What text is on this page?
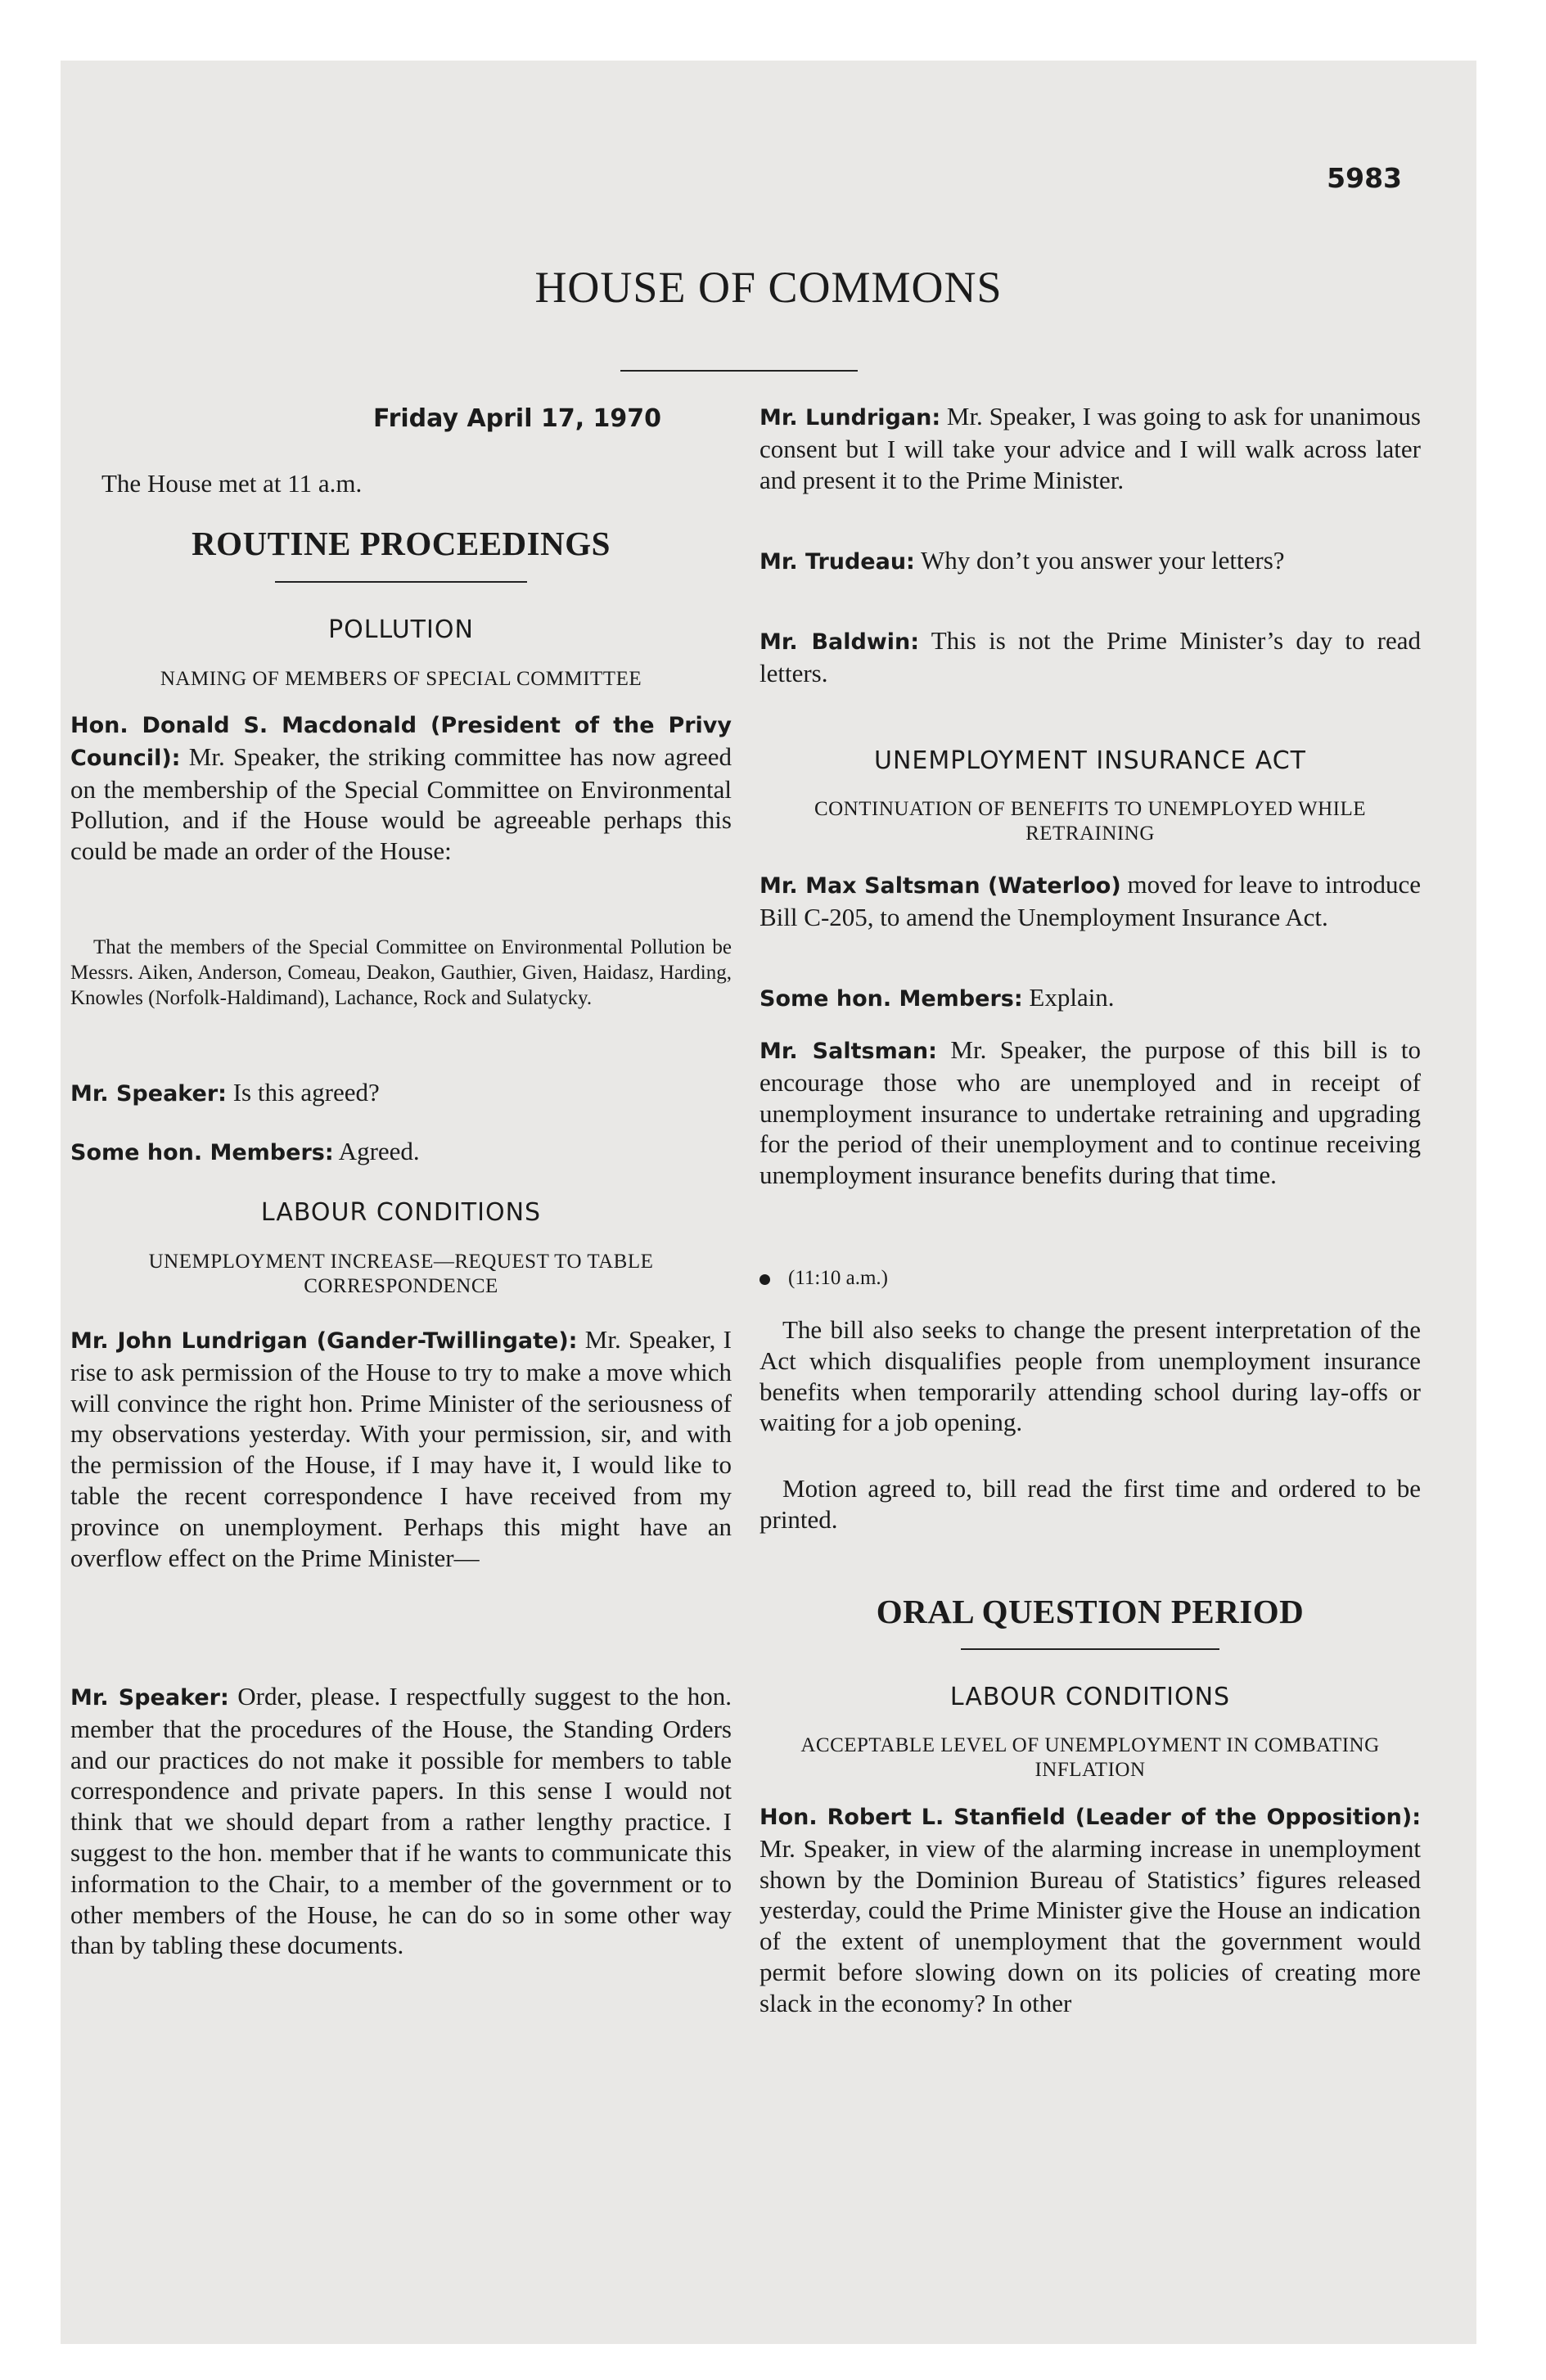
5983
HOUSE OF COMMONS
Friday April 17, 1970
The House met at 11 a.m.
ROUTINE PROCEEDINGS
POLLUTION
NAMING OF MEMBERS OF SPECIAL COMMITTEE

Hon. Donald S. Macdonald (President of the Privy Council): Mr. Speaker, the striking committee has now agreed on the membership of the Special Committee on Environmental Pollution, and if the House would be agreeable perhaps this could be made an order of the House:

That the members of the Special Committee on Environmental Pollution be Messrs. Aiken, Anderson, Comeau, Deakon, Gauthier, Given, Haidasz, Harding, Knowles (Norfolk-Haldimand), Lachance, Rock and Sulatycky.

Mr. Speaker: Is this agreed?

Some hon. Members: Agreed.

LABOUR CONDITIONS
UNEMPLOYMENT INCREASE—REQUEST TO TABLE CORRESPONDENCE

Mr. John Lundrigan (Gander-Twillingate): Mr. Speaker, I rise to ask permission of the House to try to make a move which will convince the right hon. Prime Minister of the seriousness of my observations yesterday. With your permission, sir, and with the permission of the House, if I may have it, I would like to table the recent correspondence I have received from my province on unemployment. Perhaps this might have an overflow effect on the Prime Minister—

Mr. Speaker: Order, please. I respectfully suggest to the hon. member that the procedures of the House, the Standing Orders and our practices do not make it possible for members to table correspondence and private papers. In this sense I would not think that we should depart from a rather lengthy practice. I suggest to the hon. member that if he wants to communicate this information to the Chair, to a member of the government or to other members of the House, he can do so in some other way than by tabling these documents.

Mr. Lundrigan: Mr. Speaker, I was going to ask for unanimous consent but I will take your advice and I will walk across later and present it to the Prime Minister.

Mr. Trudeau: Why don’t you answer your letters?

Mr. Baldwin: This is not the Prime Minister’s day to read letters.

UNEMPLOYMENT INSURANCE ACT
CONTINUATION OF BENEFITS TO UNEMPLOYED WHILE RETRAINING

Mr. Max Saltsman (Waterloo) moved for leave to introduce Bill C-205, to amend the Unemployment Insurance Act.

Some hon. Members: Explain.

Mr. Saltsman: Mr. Speaker, the purpose of this bill is to encourage those who are unemployed and in receipt of unemployment insurance to undertake retraining and upgrading for the period of their unemployment and to continue receiving unemployment insurance benefits during that time.

(11:10 a.m.)

The bill also seeks to change the present interpretation of the Act which disqualifies people from unemployment insurance benefits when temporarily attending school during lay-offs or waiting for a job opening.

Motion agreed to, bill read the first time and ordered to be printed.

ORAL QUESTION PERIOD
LABOUR CONDITIONS
ACCEPTABLE LEVEL OF UNEMPLOYMENT IN COMBATING INFLATION

Hon. Robert L. Stanfield (Leader of the Opposition): Mr. Speaker, in view of the alarming increase in unemployment shown by the Dominion Bureau of Statistics’ figures released yesterday, could the Prime Minister give the House an indication of the extent of unemployment that the government would permit before slowing down on its policies of creating more slack in the economy? In other
